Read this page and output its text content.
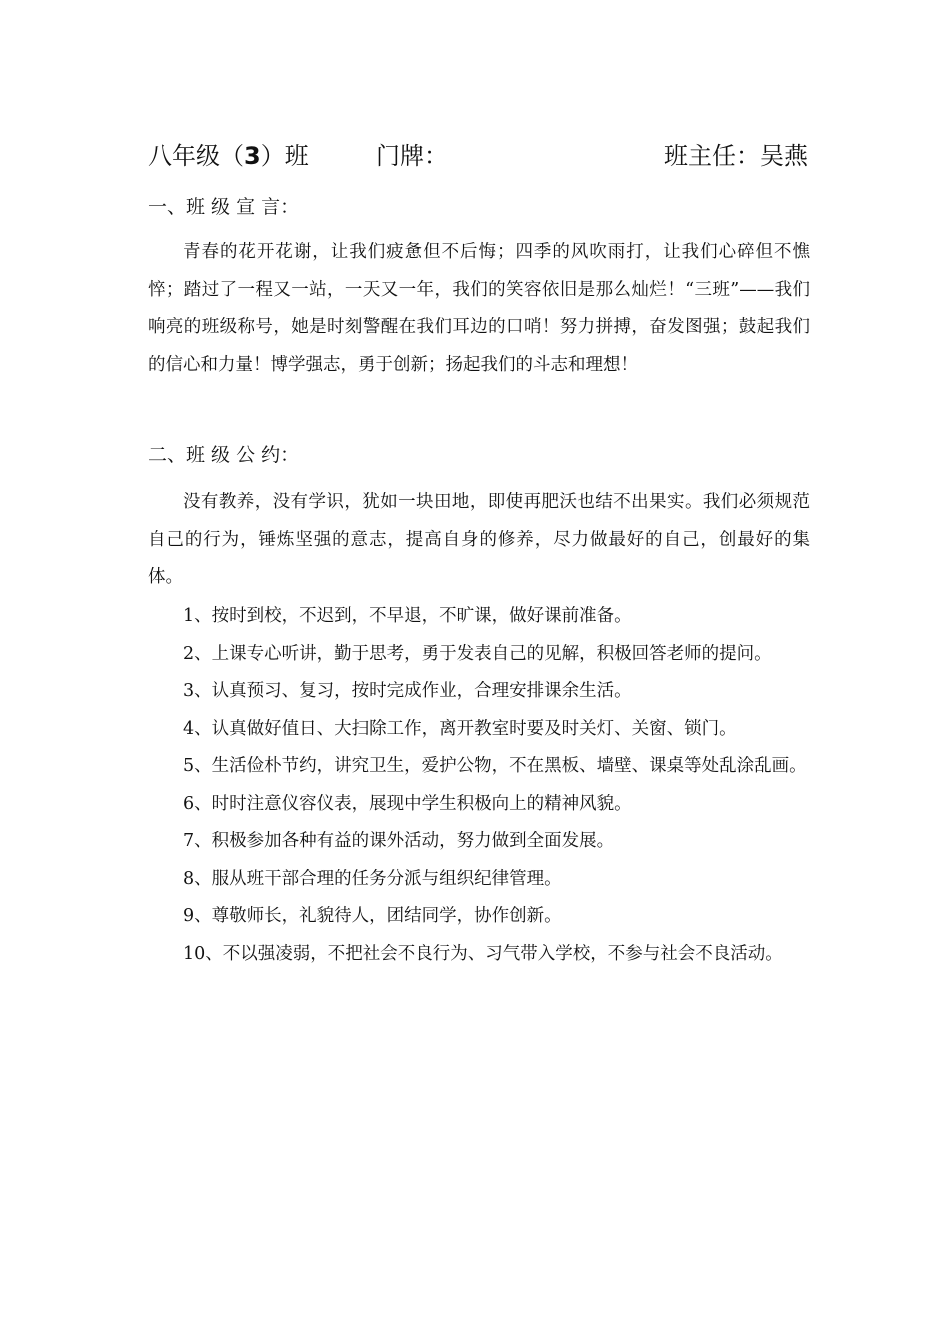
八年级（3）班	门牌：	班主任：吴燕
一、班 级 宣 言：

青春的花开花谢，让我们疲惫但不后悔；四季的风吹雨打，让我们心碎但不憔悴；踏过了一程又一站，一天又一年，我们的笑容依旧是那么灿烂！“三班”——我们响亮的班级称号，她是时刻警醒在我们耳边的口哨！努力拼搏，奋发图强；鼓起我们的信心和力量！博学强志，勇于创新；扬起我们的斗志和理想！

二、班 级 公 约：

没有教养，没有学识，犹如一块田地，即使再肥沃也结不出果实。我们必须规范自己的行为，锤炼坚强的意志，提高自身的修养，尽力做最好的自己，创最好的集体。

1、按时到校，不迟到，不早退，不旷课，做好课前准备。
2、上课专心听讲，勤于思考，勇于发表自己的见解，积极回答老师的提问。
3、认真预习、复习，按时完成作业，合理安排课余生活。
4、认真做好值日、大扫除工作，离开教室时要及时关灯、关窗、锁门。
5、生活俭朴节约，讲究卫生，爱护公物，不在黑板、墙壁、课桌等处乱涂乱画。
6、时时注意仪容仪表，展现中学生积极向上的精神风貌。
7、积极参加各种有益的课外活动，努力做到全面发展。
8、服从班干部合理的任务分派与组织纪律管理。
9、尊敬师长，礼貌待人，团结同学，协作创新。
10、不以强凌弱，不把社会不良行为、习气带入学校，不参与社会不良活动。
